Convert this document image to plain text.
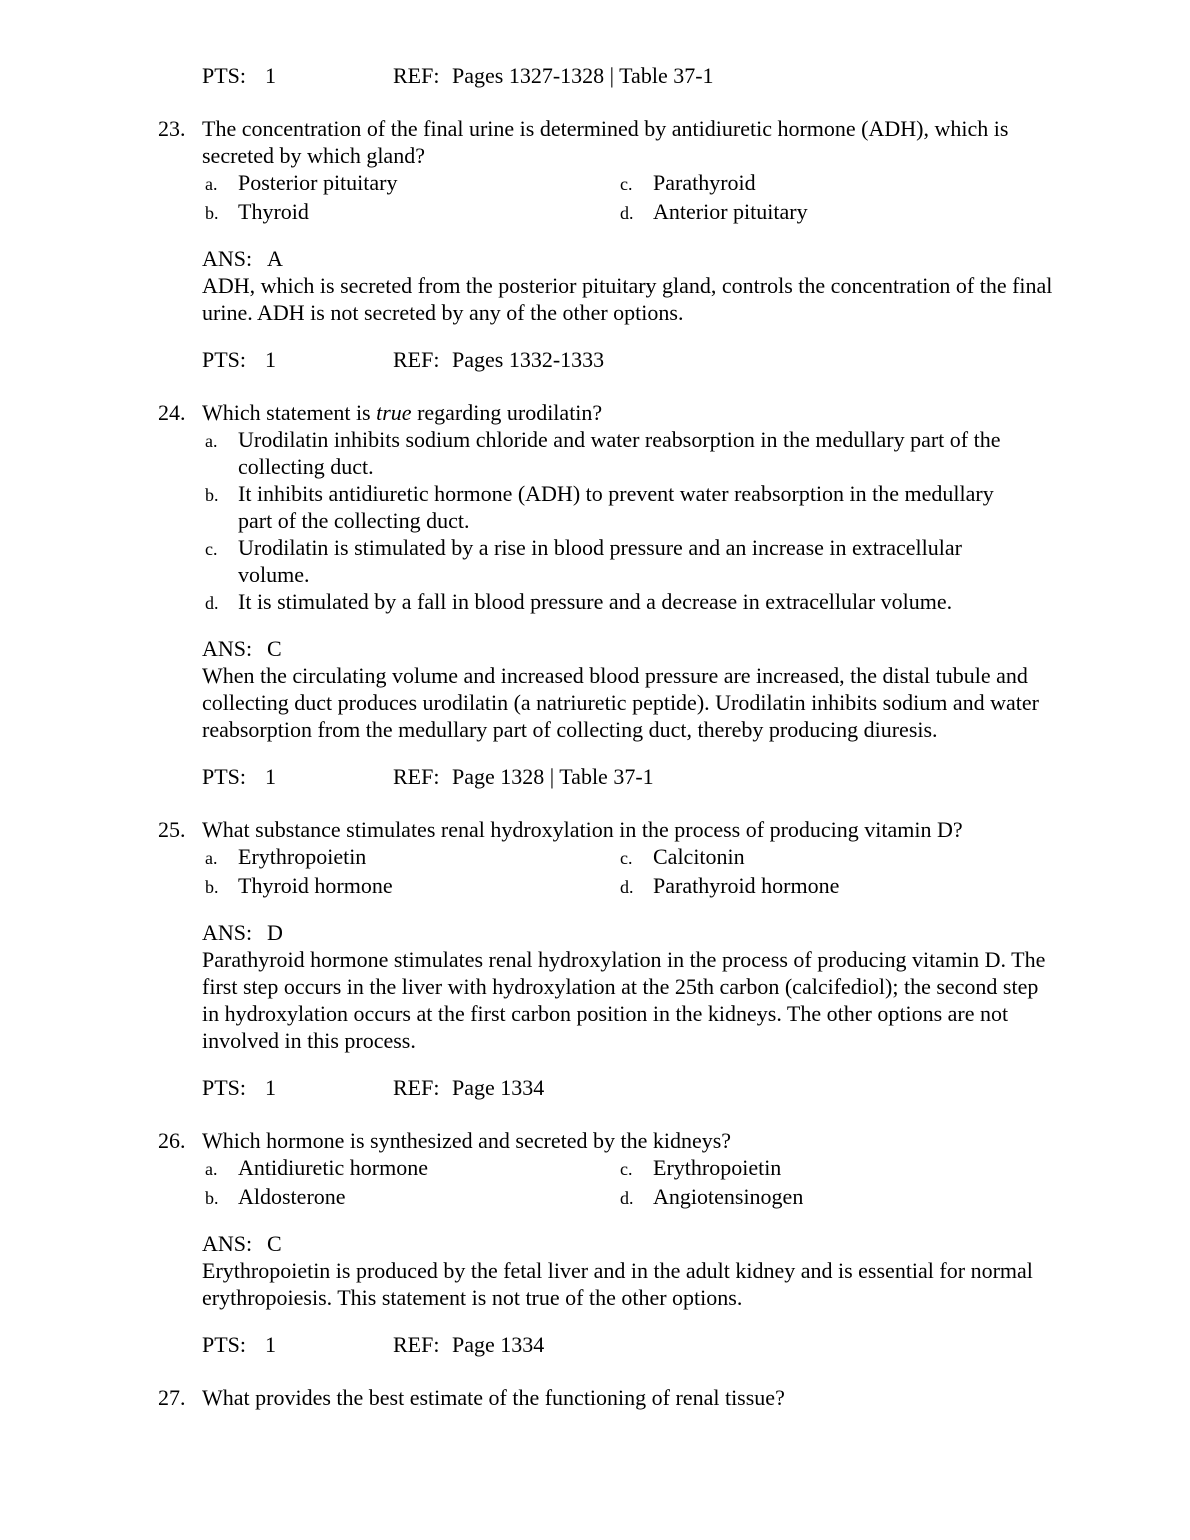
PTS: 1	REF: Pages 1327-1328 | Table 37-1
23. The concentration of the final urine is determined by antidiuretic hormone (ADH), which is secreted by which gland?
a. Posterior pituitary	c. Parathyroid
b. Thyroid	d. Anterior pituitary
ANS: A
ADH, which is secreted from the posterior pituitary gland, controls the concentration of the final urine. ADH is not secreted by any of the other options.
PTS: 1	REF: Pages 1332-1333
24. Which statement is true regarding urodilatin?
a. Urodilatin inhibits sodium chloride and water reabsorption in the medullary part of the collecting duct.
b. It inhibits antidiuretic hormone (ADH) to prevent water reabsorption in the medullary part of the collecting duct.
c. Urodilatin is stimulated by a rise in blood pressure and an increase in extracellular volume.
d. It is stimulated by a fall in blood pressure and a decrease in extracellular volume.
ANS: C
When the circulating volume and increased blood pressure are increased, the distal tubule and collecting duct produces urodilatin (a natriuretic peptide). Urodilatin inhibits sodium and water reabsorption from the medullary part of collecting duct, thereby producing diuresis.
PTS: 1	REF: Page 1328 | Table 37-1
25. What substance stimulates renal hydroxylation in the process of producing vitamin D?
a. Erythropoietin	c. Calcitonin
b. Thyroid hormone	d. Parathyroid hormone
ANS: D
Parathyroid hormone stimulates renal hydroxylation in the process of producing vitamin D. The first step occurs in the liver with hydroxylation at the 25th carbon (calcifediol); the second step in hydroxylation occurs at the first carbon position in the kidneys. The other options are not involved in this process.
PTS: 1	REF: Page 1334
26. Which hormone is synthesized and secreted by the kidneys?
a. Antidiuretic hormone	c. Erythropoietin
b. Aldosterone	d. Angiotensinogen
ANS: C
Erythropoietin is produced by the fetal liver and in the adult kidney and is essential for normal erythropoiesis. This statement is not true of the other options.
PTS: 1	REF: Page 1334
27. What provides the best estimate of the functioning of renal tissue?
